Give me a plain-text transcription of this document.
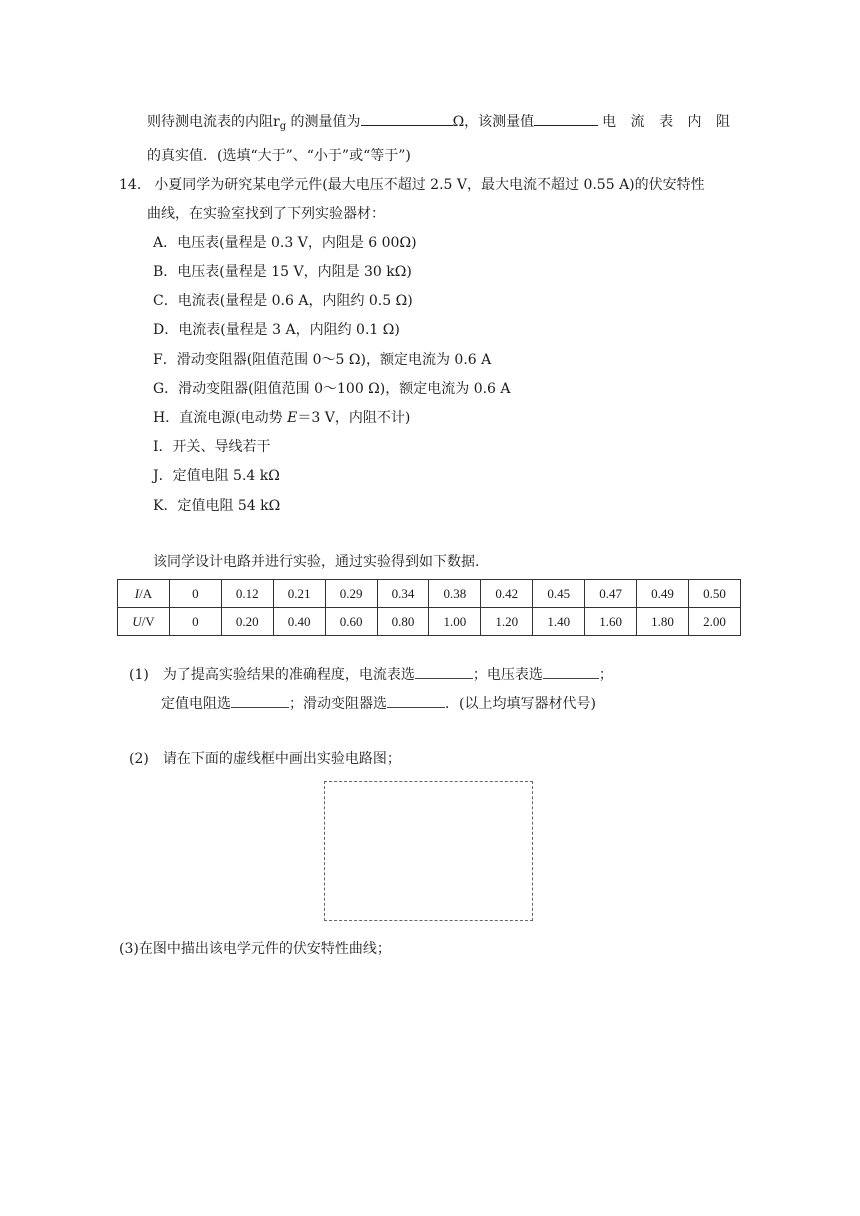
则待测电流表的内阻$r_g$ 的测量值为	Ω，该测量值	电 流 表 内 阻
的真实值．(选填“大于”、“小于”或“等于”)
14. 小夏同学为研究某电学元件(最大电压不超过 2.5 V，最大电流不超过 0.55 A)的伏安特性
曲线，在实验室找到了下列实验器材：
A．电压表(量程是 0.3 V，内阻是 6 00Ω)
B．电压表(量程是 15 V，内阻是 30 kΩ)
C．电流表(量程是 0.6 A，内阻约 0.5 Ω)
D．电流表(量程是 3 A，内阻约 0.1 Ω)
F．滑动变阻器(阻值范围 0～5 Ω)，额定电流为 0.6 A
G．滑动变阻器(阻值范围 0～100 Ω)，额定电流为 0.6 A
H．直流电源(电动势 E＝3 V，内阻不计)
I．开关、导线若干
J．定值电阻 5.4 kΩ
K．定值电阻 54 kΩ
该同学设计电路并进行实验，通过实验得到如下数据.
I/A	0	0.12	0.21	0.29	0.34	0.38	0.42	0.45	0.47	0.49	0.50
U/V	0	0.20	0.40	0.60	0.80	1.00	1.20	1.40	1.60	1.80	2.00
(1) 为了提高实验结果的准确程度，电流表选	；电压表选	；
定值电阻选	；滑动变阻器选	．(以上均填写器材代号)
(2) 请在下面的虚线框中画出实验电路图；
(3)在图中描出该电学元件的伏安特性曲线；
